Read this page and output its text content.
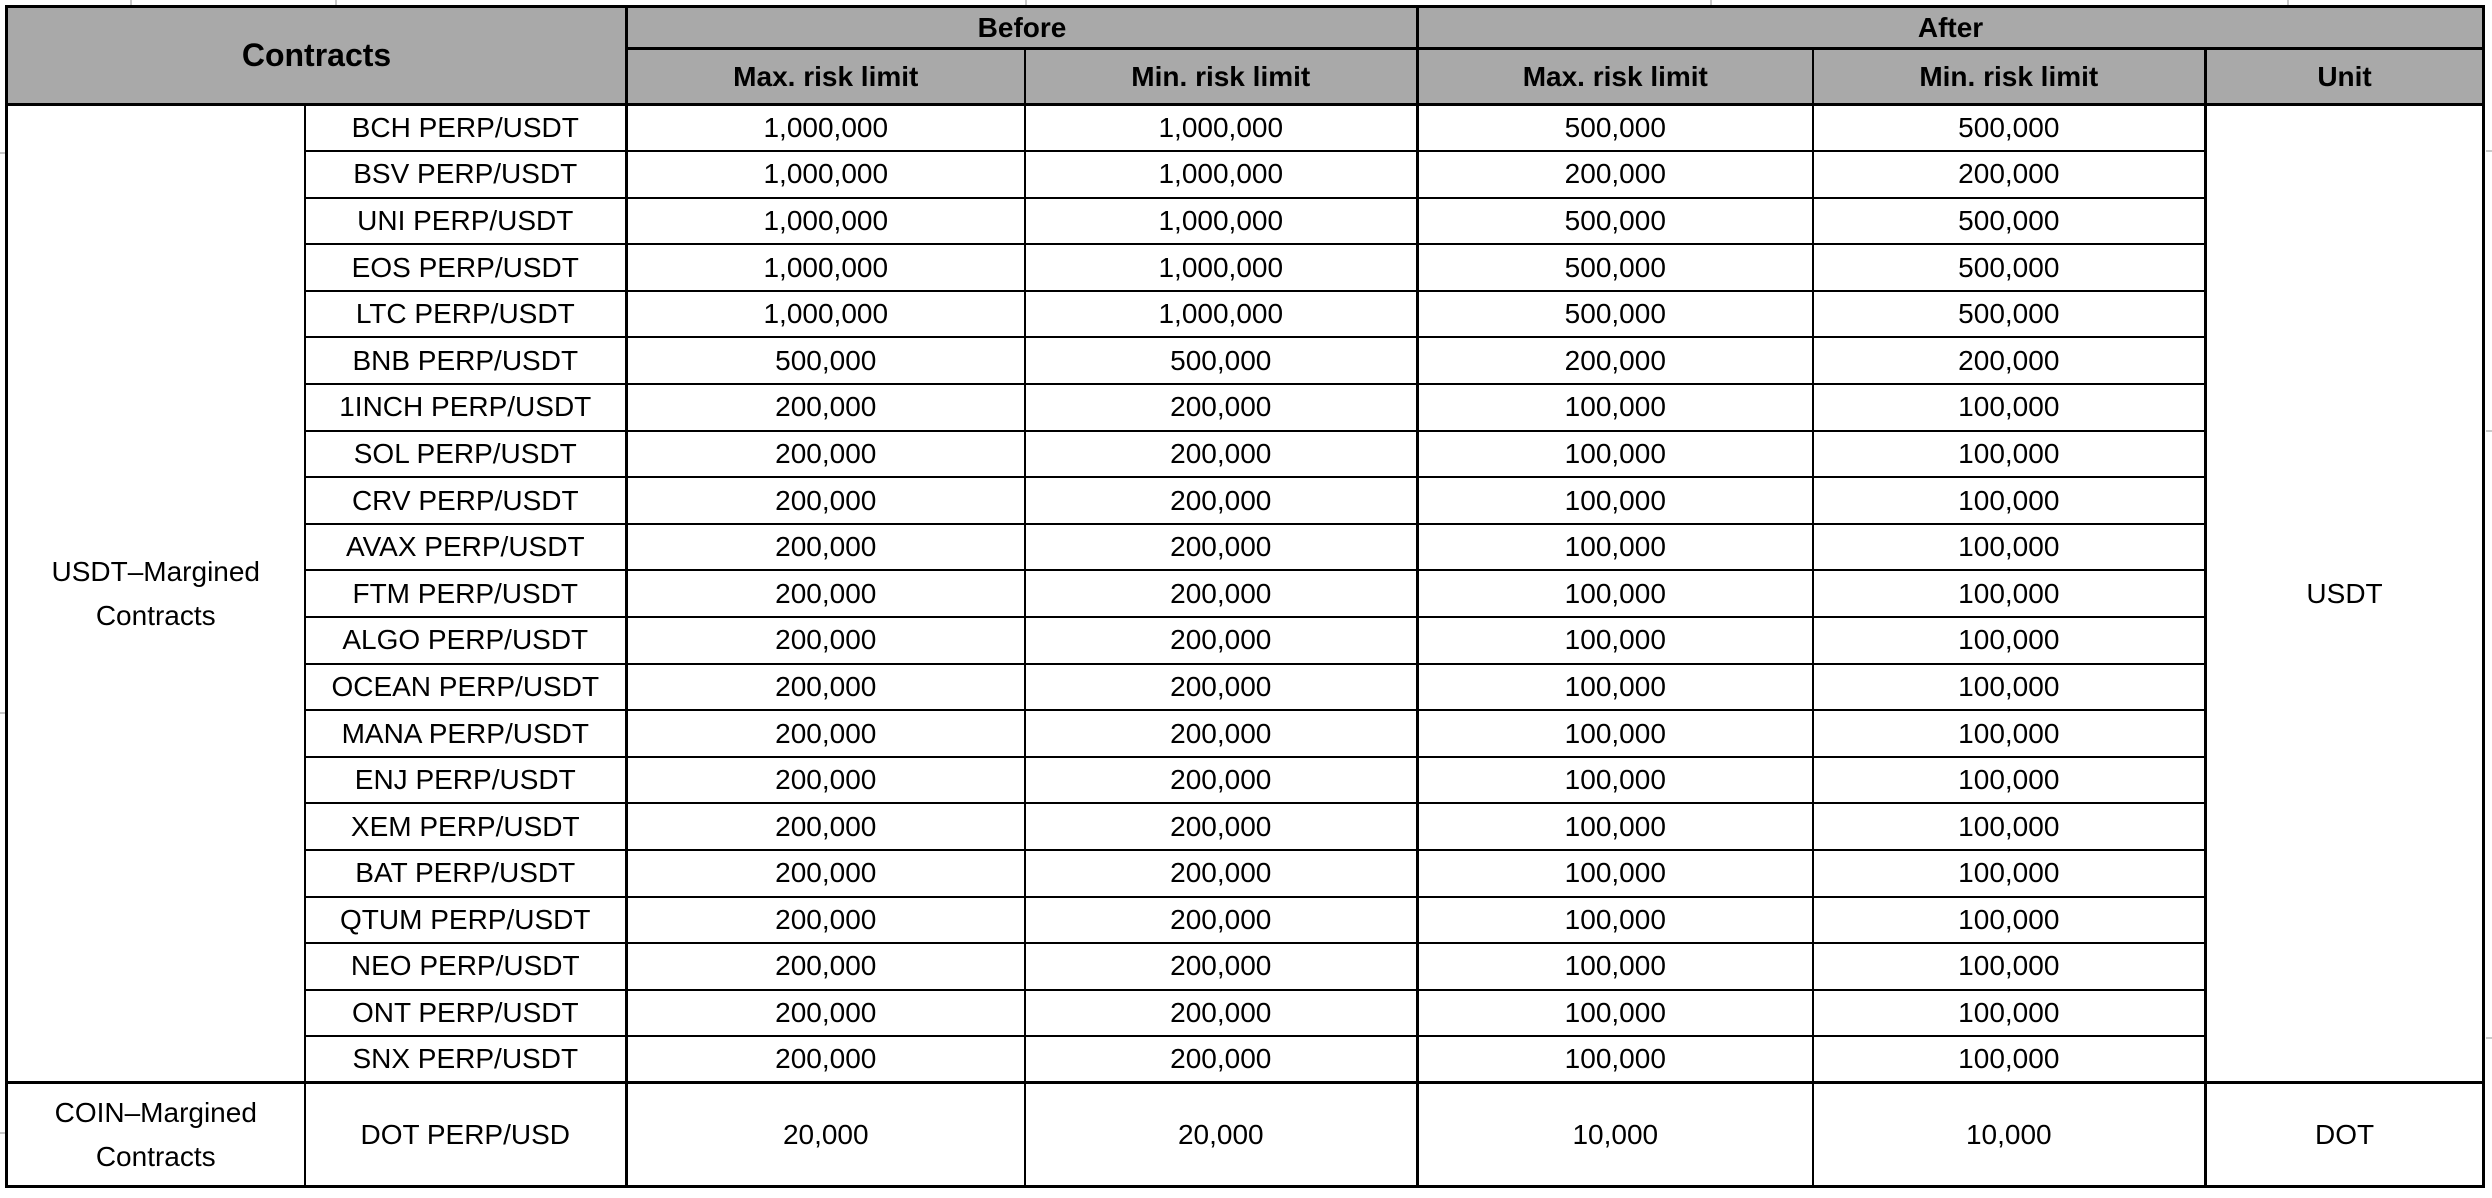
Contracts		Before		After		
		Max. risk limit	Min. risk limit	Max. risk limit	Min. risk limit	Unit
USDT–Margined Contracts	BCH PERP/USDT	1,000,000	1,000,000	500,000	500,000	USDT
	BSV PERP/USDT	1,000,000	1,000,000	200,000	200,000	
	UNI PERP/USDT	1,000,000	1,000,000	500,000	500,000	
	EOS PERP/USDT	1,000,000	1,000,000	500,000	500,000	
	LTC PERP/USDT	1,000,000	1,000,000	500,000	500,000	
	BNB PERP/USDT	500,000	500,000	200,000	200,000	
	1INCH PERP/USDT	200,000	200,000	100,000	100,000	
	SOL PERP/USDT	200,000	200,000	100,000	100,000	
	CRV PERP/USDT	200,000	200,000	100,000	100,000	
	AVAX PERP/USDT	200,000	200,000	100,000	100,000	
	FTM PERP/USDT	200,000	200,000	100,000	100,000	
	ALGO PERP/USDT	200,000	200,000	100,000	100,000	
	OCEAN PERP/USDT	200,000	200,000	100,000	100,000	
	MANA PERP/USDT	200,000	200,000	100,000	100,000	
	ENJ PERP/USDT	200,000	200,000	100,000	100,000	
	XEM PERP/USDT	200,000	200,000	100,000	100,000	
	BAT PERP/USDT	200,000	200,000	100,000	100,000	
	QTUM PERP/USDT	200,000	200,000	100,000	100,000	
	NEO PERP/USDT	200,000	200,000	100,000	100,000	
	ONT PERP/USDT	200,000	200,000	100,000	100,000	
	SNX PERP/USDT	200,000	200,000	100,000	100,000	
COIN–Margined Contracts	DOT PERP/USD	20,000	20,000	10,000	10,000	DOT
